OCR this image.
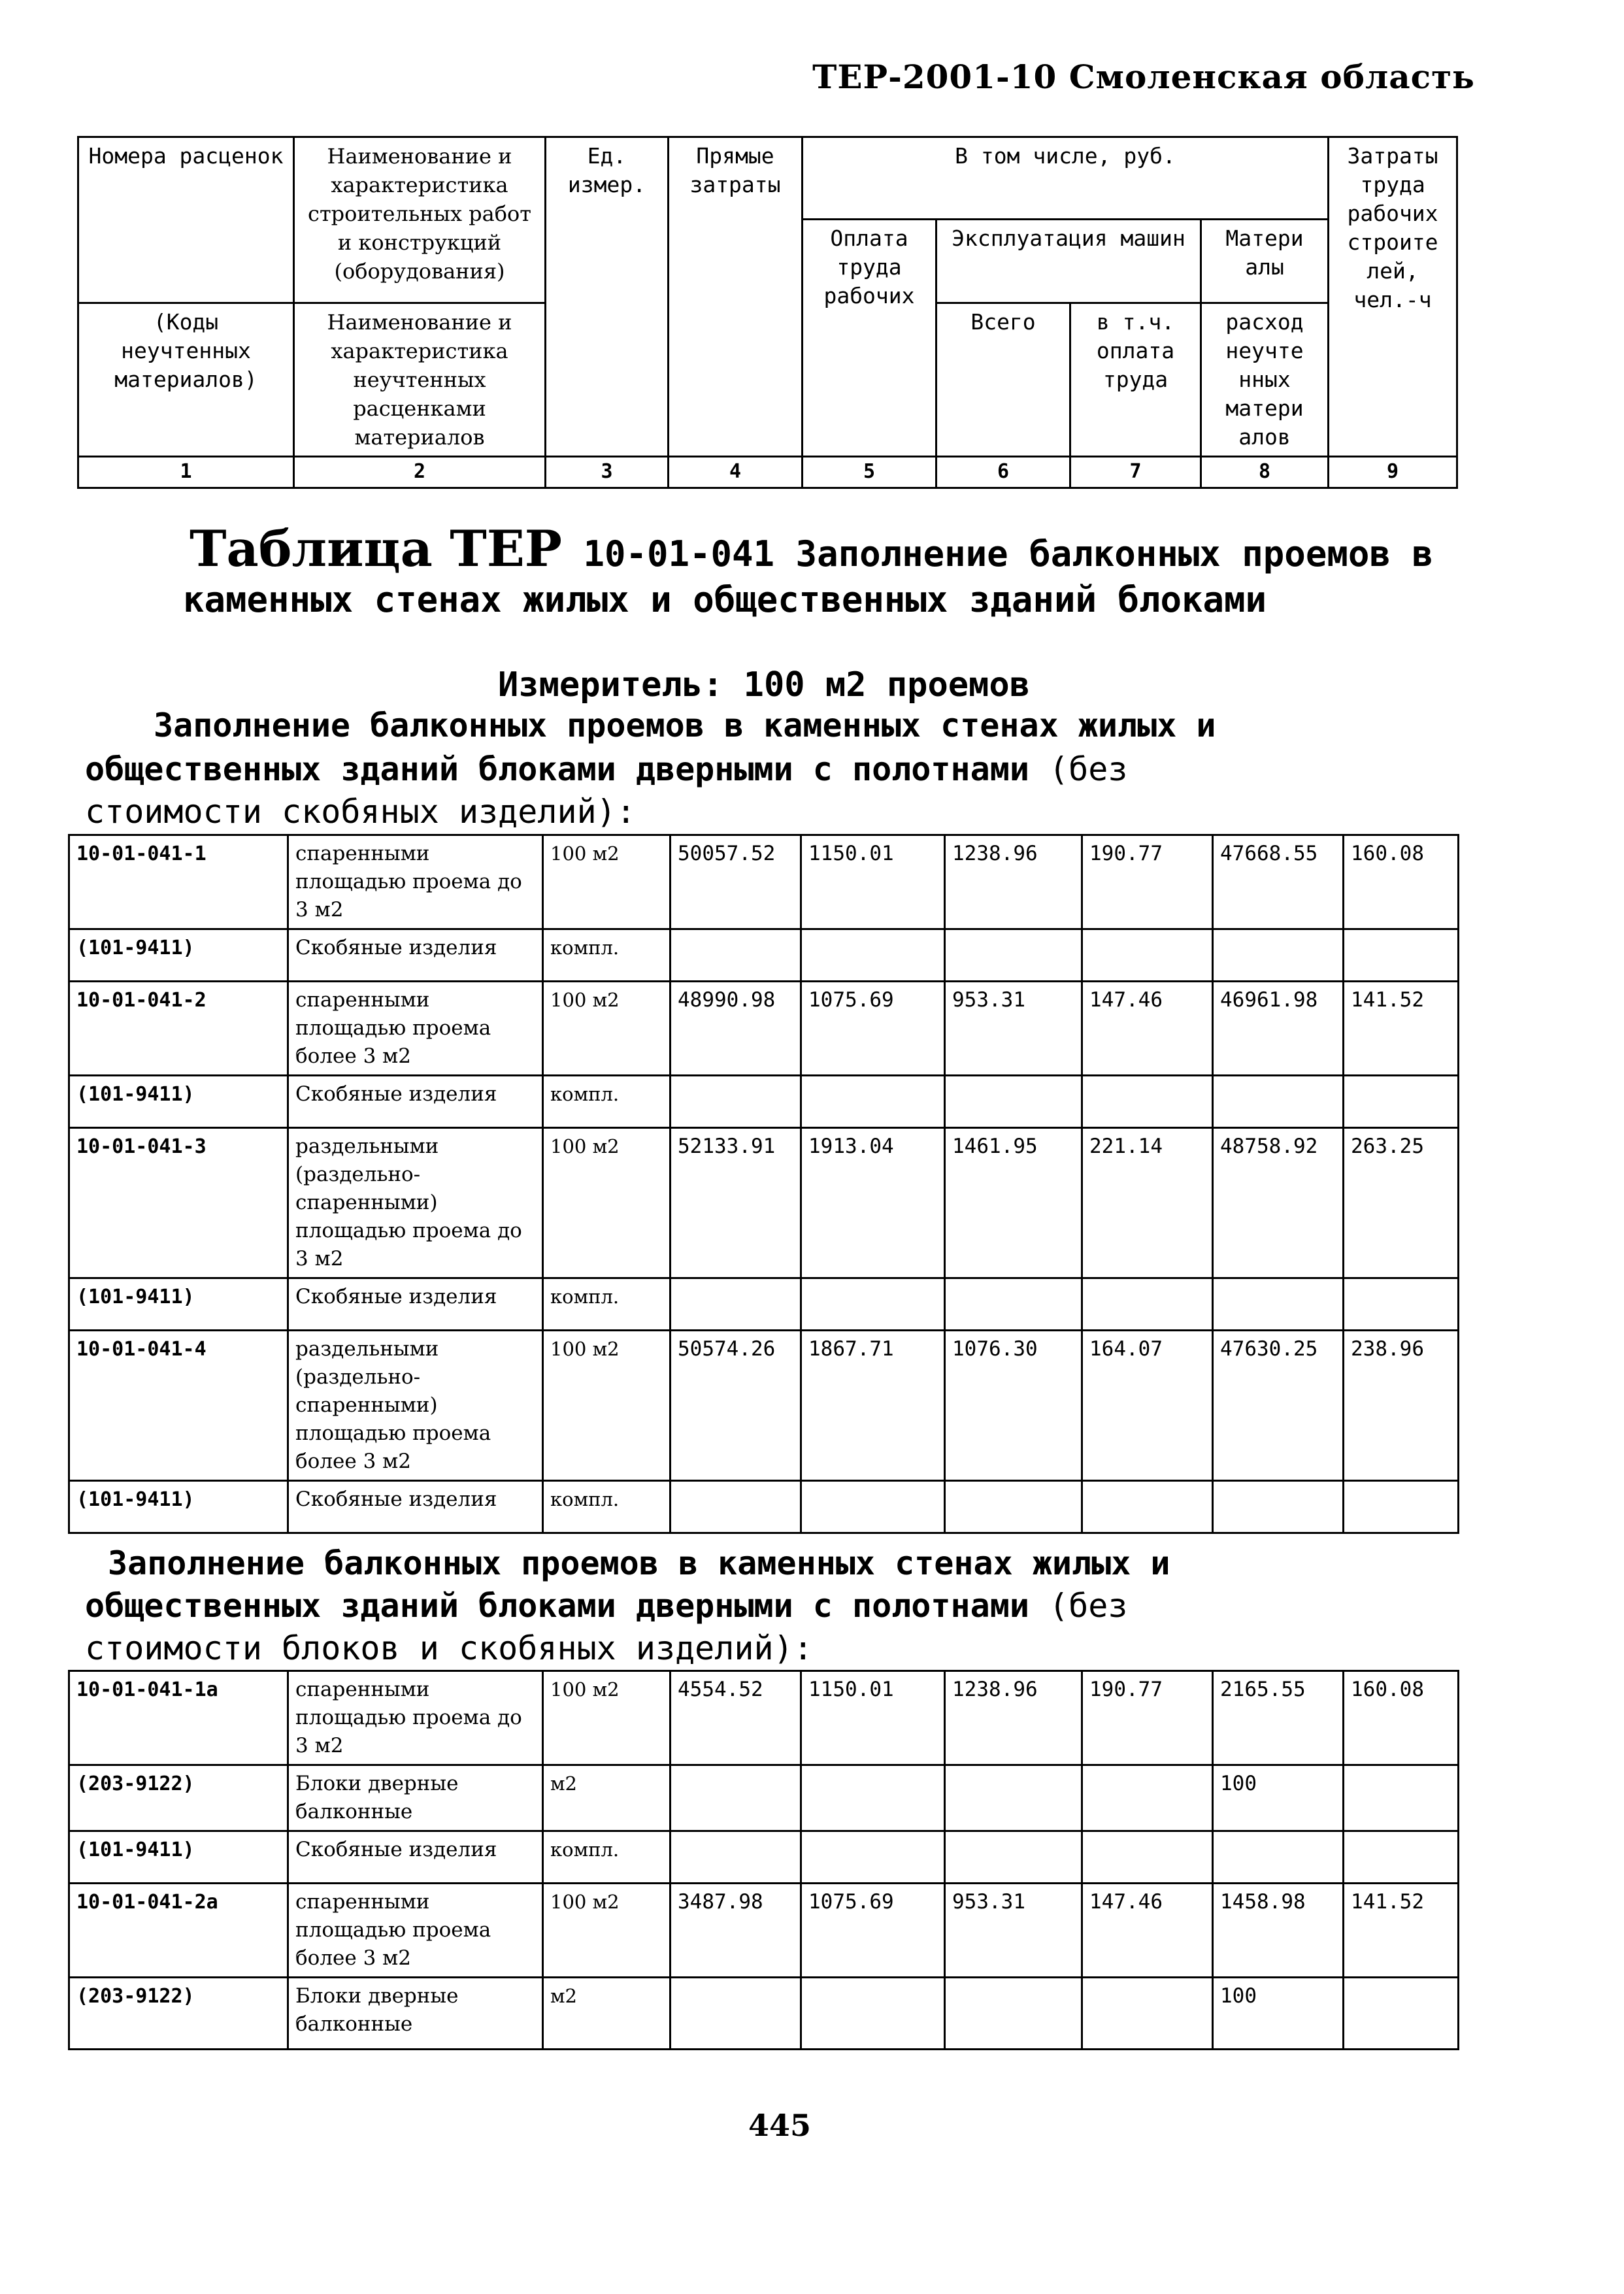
ТЕР-2001-10 Смоленская область
Номера расценок	Наименование и характеристика строительных работ и конструкций (оборудования)	Ед. измер.	Прямые затраты	В том числе, руб.				Затраты труда рабочих строите лей, чел.-ч
				Оплата труда рабочих	Эксплуатация машин		Матери алы	
(Коды неучтенных материалов)	Наименование и характеристика неучтенных расценками материалов				Всего	в т.ч. оплата труда	расход неучте нных матери алов	
1	2	3	4	5	6	7	8	9
Таблица ТЕР 10-01-041 Заполнение балконных проемов в
каменных стенах жилых и общественных зданий блоками
Измеритель: 100 м2 проемов
Заполнение балконных проемов в каменных стенах жилых и
общественных зданий блоками дверными с полотнами (без
стоимости скобяных изделий):
10-01-041-1	спаренными площадью проема до 3 м2	100 м2	50057.52	1150.01	1238.96	190.77	47668.55	160.08
(101-9411)	Скобяные изделия	компл.						
10-01-041-2	спаренными площадью проема более 3 м2	100 м2	48990.98	1075.69	953.31	147.46	46961.98	141.52
(101-9411)	Скобяные изделия	компл.						
10-01-041-3	раздельными (раздельно-спаренными) площадью проема до 3 м2	100 м2	52133.91	1913.04	1461.95	221.14	48758.92	263.25
(101-9411)	Скобяные изделия	компл.						
10-01-041-4	раздельными (раздельно-спаренными) площадью проема более 3 м2	100 м2	50574.26	1867.71	1076.30	164.07	47630.25	238.96
(101-9411)	Скобяные изделия	компл.						
Заполнение балконных проемов в каменных стенах жилых и
общественных зданий блоками дверными с полотнами (без
стоимости блоков и скобяных изделий):
10-01-041-1а	спаренными площадью проема до 3 м2	100 м2	4554.52	1150.01	1238.96	190.77	2165.55	160.08
(203-9122)	Блоки дверные балконные	м2					100	
(101-9411)	Скобяные изделия	компл.						
10-01-041-2а	спаренными площадью проема более 3 м2	100 м2	3487.98	1075.69	953.31	147.46	1458.98	141.52
(203-9122)	Блоки дверные балконные	м2					100	
445
